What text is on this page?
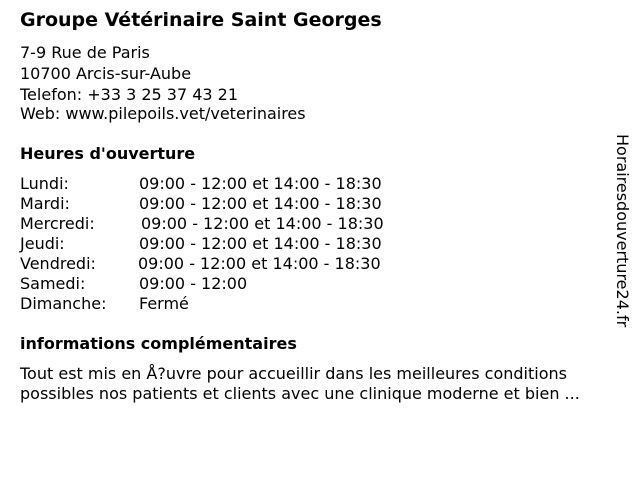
Groupe Vétérinaire Saint Georges
7-9 Rue de Paris
10700 Arcis-sur-Aube
Telefon: +33 3 25 37 43 21
Web: www.pilepoils.vet/veterinaires
Heures d'ouverture
Lundi:	09:00 - 12:00 et 14:00 - 18:30
Mardi:	09:00 - 12:00 et 14:00 - 18:30
Mercredi:	09:00 - 12:00 et 14:00 - 18:30
Jeudi:	09:00 - 12:00 et 14:00 - 18:30
Vendredi:	09:00 - 12:00 et 14:00 - 18:30
Samedi:	09:00 - 12:00
Dimanche: Fermé
informations complémentaires
Tout est mis en Å?uvre pour accueillir dans les meilleures conditions
possibles nos patients et clients avec une clinique moderne et bien ...
Horairesdouverture24.fr
